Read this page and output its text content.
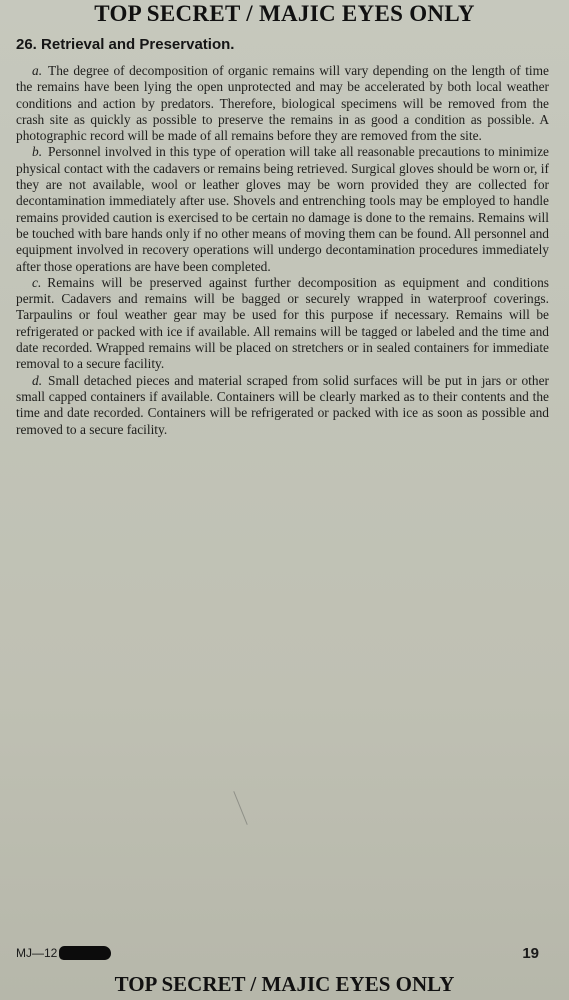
TOP SECRET / MAJIC EYES ONLY
26. Retrieval and Preservation.

a. The degree of decomposition of organic remains will vary depending on the length of time the remains have been lying the open unprotected and may be accelerated by both local weather conditions and action by predators. Therefore, biological specimens will be removed from the crash site as quickly as possible to preserve the remains in as good a condition as possible. A photographic record will be made of all remains before they are removed from the site.

b. Personnel involved in this type of operation will take all reasonable precautions to minimize physical contact with the cadavers or remains being retrieved. Surgical gloves should be worn or, if they are not available, wool or leather gloves may be worn provided they are collected for decontamination immediately after use. Shovels and entrenching tools may be employed to handle remains provided caution is exercised to be certain no damage is done to the remains. Remains will be touched with bare hands only if no other means of moving them can be found. All personnel and equipment involved in recovery operations will undergo decontamination procedures immediately after those operations are have been completed.

c. Remains will be preserved against further decomposition as equipment and conditions permit. Cadavers and remains will be bagged or securely wrapped in waterproof coverings. Tarpaulins or foul weather gear may be used for this purpose if necessary. Remains will be refrigerated or packed with ice if available. All remains will be tagged or labeled and the time and date recorded. Wrapped remains will be placed on stretchers or in sealed containers for immediate removal to a secure facility.

d. Small detached pieces and material scraped from solid surfaces will be put in jars or other small capped containers if available. Containers will be clearly marked as to their contents and the time and date recorded. Containers will be refrigerated or packed with ice as soon as possible and removed to a secure facility.

MJ—12	19
TOP SECRET / MAJIC EYES ONLY
